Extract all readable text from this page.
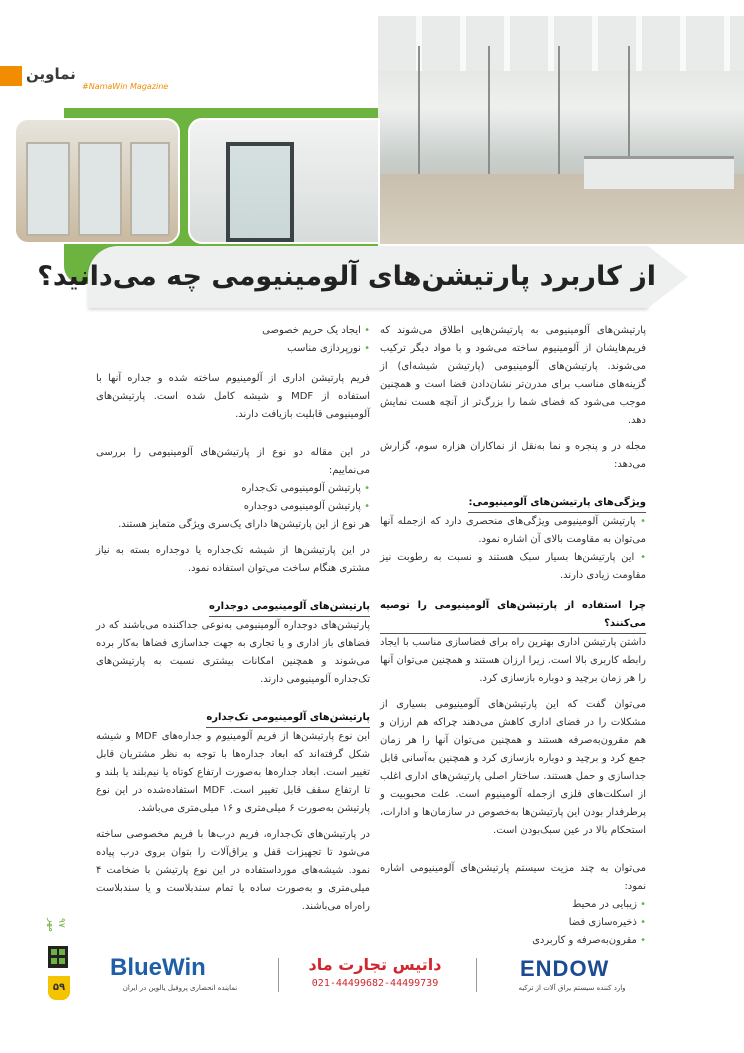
نماوین
#NamaWin Magazine
از کاربرد پارتیشن‌های آلومینیومی چه می‌دانید؟

پارتیشن‌های آلومینیومی به پارتیشن‌هایی اطلاق می‌شوند که فریم‌هایشان از آلومینیوم ساخته می‌شود و با مواد دیگر ترکیب می‌شوند. پارتیشن‌های آلومینیومی (پارتیشن شیشه‌ای) از گزینه‌های مناسب برای مدرن‌تر نشان‌دادن فضا است و همچنین موجب می‌شود که فضای شما را بزرگ‌تر از آنچه هست نمایش دهد.

مجله در و پنجره و نما به‌نقل از نماکاران هزاره سوم، گزارش می‌دهد:

ویژگی‌های پارتیشن‌های آلومینیومی:
• پارتیشن آلومینیومی ویژگی‌های منحصری دارد که ازجمله آنها می‌توان به مقاومت بالای آن اشاره نمود.

• این پارتیشن‌ها بسیار سبک هستند و نسبت به رطوبت نیز مقاومت زیادی دارند.

چرا استفاده از پارتیشن‌های آلومینیومی را توصیه می‌کنند؟

داشتن پارتیشن اداری بهترین راه برای فضاسازی مناسب با ایجاد رابطه کاربری بالا است. زیرا ارزان هستند و همچنین می‌توان آنها را هر زمان برچید و دوباره بازسازی کرد.

می‌توان گفت که این پارتیشن‌های آلومینیومی بسیاری از مشکلات را در فضای اداری کاهش می‌دهند چراکه هم ارزان و هم مقرون‌به‌صرفه هستند و همچنین می‌توان آنها را هر زمان جمع کرد و برچید و دوباره بازسازی کرد و همچنین به‌آسانی قابل جداسازی و حمل هستند. ساختار اصلی پارتیشن‌های اداری اغلب از اسکلت‌های فلزی ازجمله آلومینیوم است. علت محبوبیت و پرطرفدار بودن این پارتیشن‌ها به‌خصوص در سازمان‌ها و ادارات، استحکام بالا در عین سبک‌بودن است.

می‌توان به چند مزیت سیستم پارتیشن‌های آلومینیومی اشاره نمود:
• زیبایی در محیط
• ذخیره‌سازی فضا
• مقرون‌به‌صرفه و کاربردی
• ایجاد یک حریم خصوصی
• نورپردازی مناسب

فریم پارتیشن اداری از آلومینیوم ساخته شده و جداره آنها با استفاده از MDF و شیشه کامل شده است. پارتیشن‌های آلومینیومی قابلیت بازیافت دارند.

در این مقاله دو نوع از پارتیشن‌های آلومینیومی را بررسی می‌نماییم:
• پارتیشن آلومینیومی تک‌جداره
• پارتیشن آلومینیومی دوجداره

هر نوع از این پارتیشن‌ها دارای یک‌سری ویژگی متمایز هستند.

در این پارتیشن‌ها از شیشه تک‌جداره یا دوجداره بسته به نیاز مشتری هنگام ساخت می‌توان استفاده نمود.

پارتیشن‌های آلومینیومی دوجداره

پارتیشن‌های دوجداره آلومینیومی به‌نوعی جداکننده می‌باشند که در فضاهای باز اداری و یا تجاری به جهت جداسازی فضاها به‌کار برده می‌شوند و همچنین امکانات بیشتری نسبت به پارتیشن‌های تک‌جداره آلومینیومی دارند.

پارتیشن‌های آلومینیومی تک‌جداره

این نوع پارتیشن‌ها از فریم آلومینیوم و جداره‌های MDF و شیشه شکل گرفته‌اند که ابعاد جداره‌ها با توجه به نظر مشتریان قابل تغییر است. ابعاد جداره‌ها به‌صورت ارتفاع کوتاه یا نیم‌بلند یا بلند و تا ارتفاع سقف قابل تغییر است. MDF استفاده‌شده در این نوع پارتیشن به‌صورت ۶ میلی‌متری و ۱۶ میلی‌متری می‌باشد.

در پارتیشن‌های تک‌جداره، فریم درب‌ها با فریم مخصوصی ساخته می‌شود تا تجهیزات قفل و یراق‌آلات را بتوان بروی درب پیاده نمود. شیشه‌های مورداستفاده در این نوع پارتیشن با ضخامت ۴ میلی‌متری و به‌صورت ساده یا تمام سندبلاست و یا سندبلاست راه‌راه می‌باشند.

۹۷ مهر
۵۹
BlueWin
نماینده انحصاری پروفیل یالوین در ایران
داتیس تجارت ماد
021-44499682-44499739
ENDOW
وارد کننده سیستم یراق آلات از ترکیه
